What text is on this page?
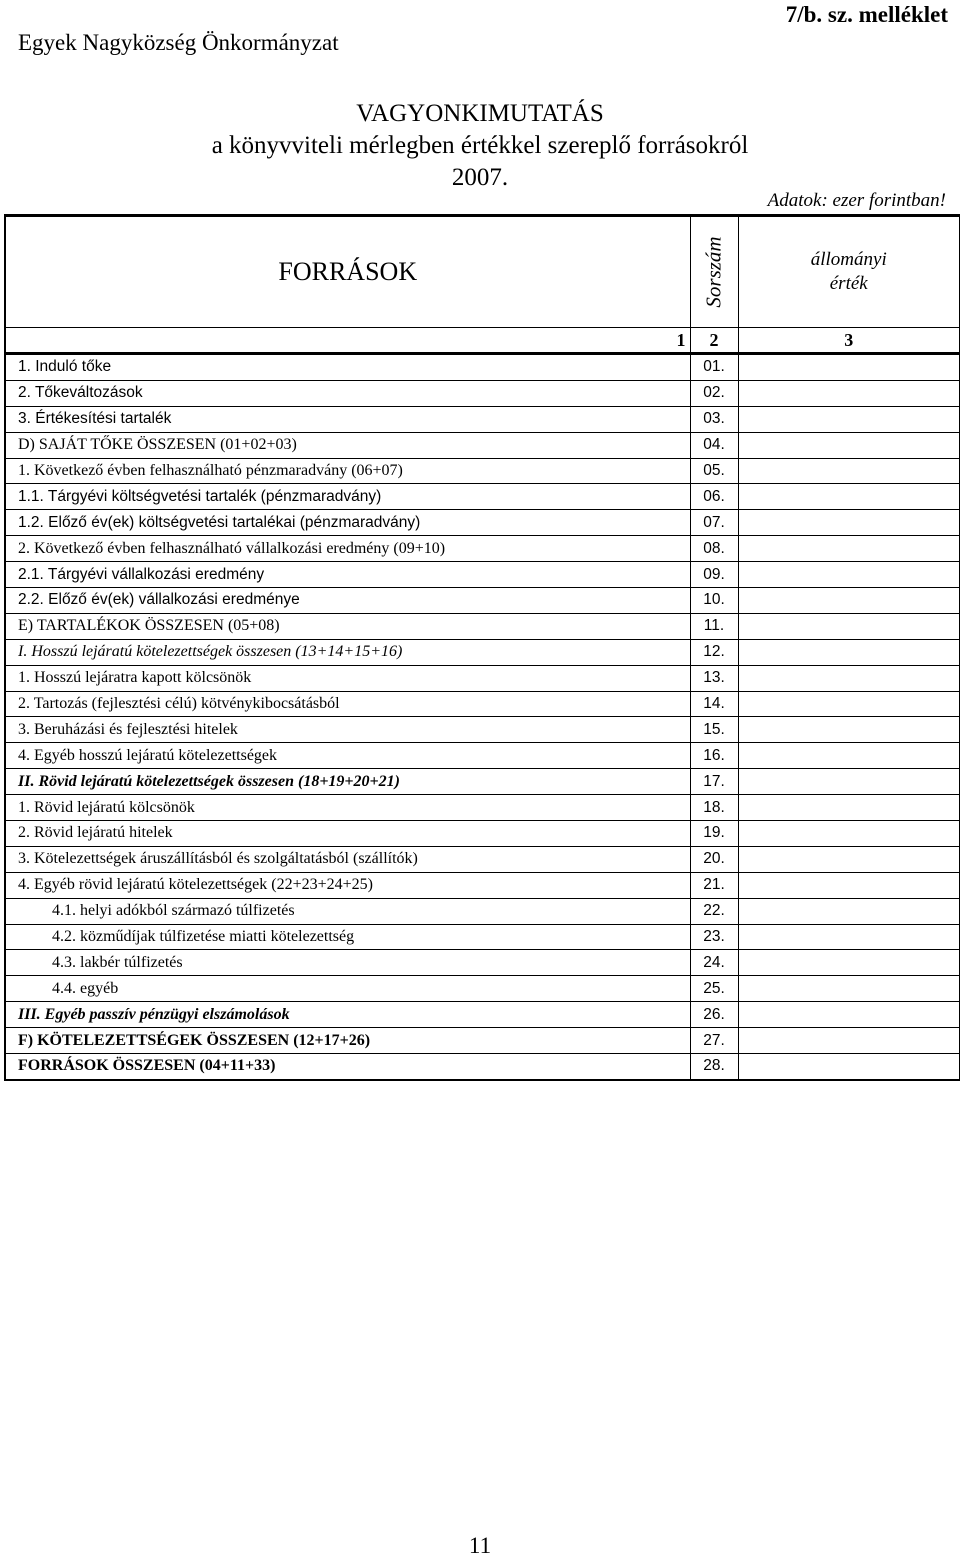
Egyek Nagyközség Önkormányzat
7/b. sz. melléklet
VAGYONKIMUTATÁS
a könyvviteli mérlegben értékkel szereplő forrásokról
2007.
Adatok: ezer forintban!
FORRÁSOK	Sorszám	állományi
érték

1	2	3
1. Induló tőke	01.	
2. Tőkeváltozások	02.	
3. Értékesítési tartalék	03.	
D) SAJÁT TŐKE ÖSSZESEN (01+02+03)	04.	
1. Következő évben felhasználható pénzmaradvány (06+07)	05.	
1.1. Tárgyévi költségvetési tartalék (pénzmaradvány)	06.	
1.2. Előző év(ek) költségvetési tartalékai (pénzmaradvány)	07.	
2. Következő évben felhasználható vállalkozási eredmény (09+10)	08.	
2.1. Tárgyévi vállalkozási eredmény	09.	
2.2. Előző év(ek) vállalkozási eredménye	10.	
E) TARTALÉKOK ÖSSZESEN (05+08)	11.	
I. Hosszú lejáratú kötelezettségek összesen (13+14+15+16)	12.	
1. Hosszú lejáratra kapott kölcsönök	13.	
2. Tartozás (fejlesztési célú) kötvénykibocsátásból	14.	
3. Beruházási és fejlesztési hitelek	15.	
4. Egyéb hosszú lejáratú kötelezettségek	16.	
II. Rövid lejáratú kötelezettségek összesen (18+19+20+21)	17.	
1. Rövid lejáratú kölcsönök	18.	
2. Rövid lejáratú hitelek	19.	
3. Kötelezettségek áruszállításból és szolgáltatásból (szállítók)	20.	
4. Egyéb rövid lejáratú kötelezettségek (22+23+24+25)	21.	
4.1. helyi adókból származó túlfizetés	22.	
4.2. közműdíjak túlfizetése miatti kötelezettség	23.	
4.3. lakbér túlfizetés	24.	
4.4. egyéb	25.	
III. Egyéb passzív pénzügyi elszámolások	26.	
F) KÖTELEZETTSÉGEK ÖSSZESEN (12+17+26)	27.	
FORRÁSOK ÖSSZESEN (04+11+33)	28.	
11
